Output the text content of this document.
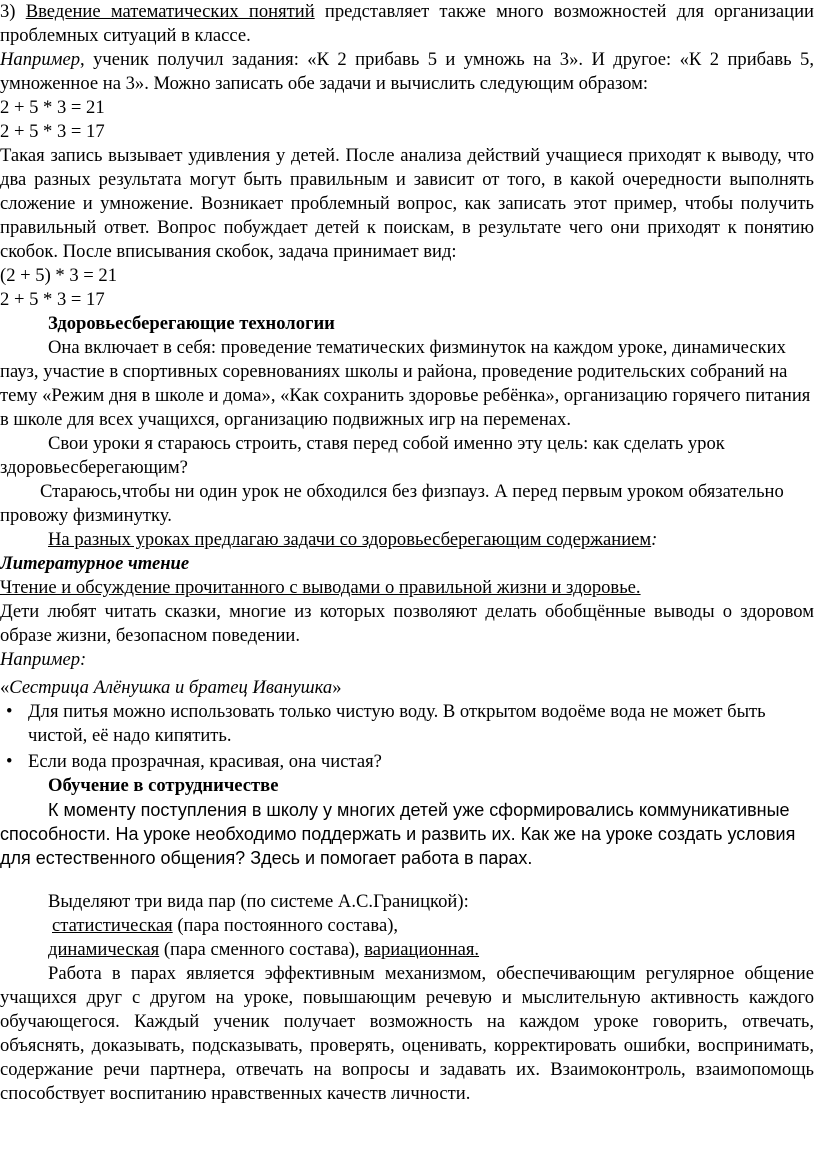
3) Введение математических понятий представляет также много возможностей для организации проблемных ситуаций в классе.

Например, ученик получил задания: «К 2 прибавь 5 и умножь на 3». И другое: «К 2 прибавь 5, умноженное на 3». Можно записать обе задачи и вычислить следующим образом:

2 + 5 * 3 = 21

2 + 5 * 3 = 17

Такая запись вызывает удивления у детей. После анализа действий учащиеся приходят к выводу, что два разных результата могут быть правильным и зависит от того, в какой очередности выполнять сложение и умножение. Возникает проблемный вопрос, как записать этот пример, чтобы получить правильный ответ. Вопрос побуждает детей к поискам, в результате чего они приходят к понятию скобок. После вписывания скобок, задача принимает вид:

(2 + 5) * 3 = 21

2 + 5 * 3 = 17

Здоровьесберегающие технологии

Она включает в себя: проведение тематических физминуток на каждом уроке, динамических пауз, участие в спортивных соревнованиях школы и района, проведение родительских собраний на тему «Режим дня в школе и дома», «Как сохранить здоровье ребёнка», организацию горячего питания в школе для всех учащихся, организацию подвижных игр на переменах.

Свои уроки я стараюсь строить, ставя перед собой именно эту цель: как сделать урок здоровьесберегающим?

Стараюсь,чтобы ни один урок не обходился без физпауз. А перед первым уроком обязательно провожу физминутку.

На разных уроках предлагаю задачи со здоровьесберегающим содержанием:

Литературное чтение

Чтение и обсуждение прочитанного с выводами о правильной жизни и здоровье.

Дети любят читать сказки, многие из которых позволяют делать обобщённые выводы о здоровом образе жизни, безопасном поведении.

Например:

«Сестрица Алёнушка и братец Иванушка»

• Для питья можно использовать только чистую воду. В открытом водоёме вода не может быть чистой, её надо кипятить.
• Если вода прозрачная, красивая, она чистая?

Обучение в сотрудничестве

К моменту поступления в школу у многих детей уже сформировались коммуникативные способности. На уроке необходимо поддержать и развить их. Как же на уроке создать условия для естественного общения? Здесь и помогает работа в парах.

Выделяют три вида пар (по системе А.С.Границкой):

статистическая (пара постоянного состава),

динамическая (пара сменного состава), вариационная.

Работа в парах является эффективным механизмом, обеспечивающим регулярное общение учащихся друг с другом на уроке, повышающим речевую и мыслительную активность каждого обучающегося. Каждый ученик получает возможность на каждом уроке говорить, отвечать, объяснять, доказывать, подсказывать, проверять, оценивать, корректировать ошибки, воспринимать, содержание речи партнера, отвечать на вопросы и задавать их. Взаимоконтроль, взаимопомощь способствует воспитанию нравственных качеств личности.
